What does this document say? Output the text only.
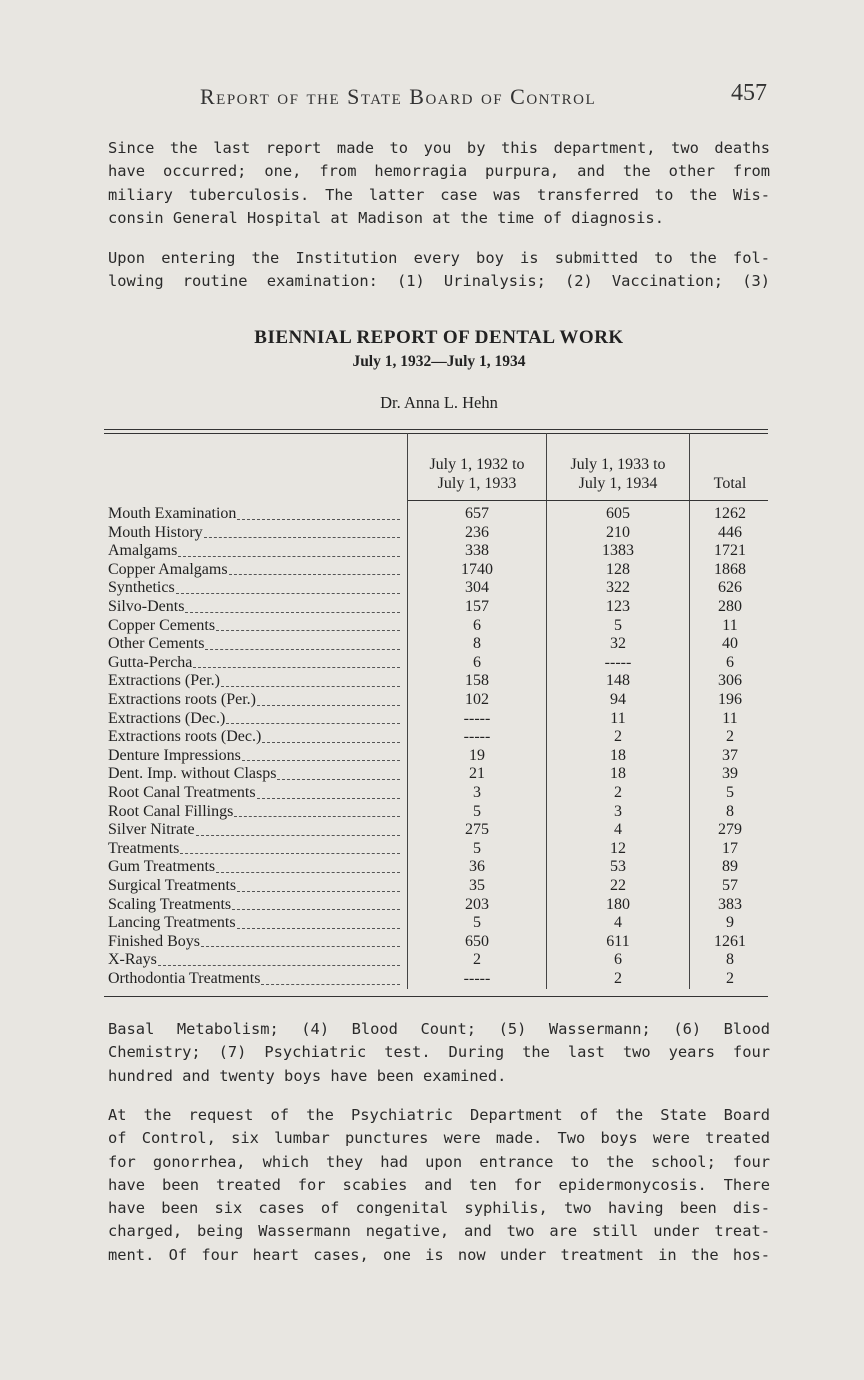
Report of the State Board of Control	457
Since the last report made to you by this department, two deaths
have occurred; one, from hemorragia purpura, and the other from
miliary tuberculosis. The latter case was transferred to the Wis-
consin General Hospital at Madison at the time of diagnosis.
Upon entering the Institution every boy is submitted to the fol-
lowing routine examination: (1) Urinalysis; (2) Vaccination; (3)
BIENNIAL REPORT OF DENTAL WORK
July 1, 1932—July 1, 1934
Dr. Anna L. Hehn
July 1, 1932 to
July 1, 1933
July 1, 1933 to
July 1, 1934
	Total
Mouth Examination	657	605	1262
Mouth History	236	210	446
Amalgams	338	1383	1721
Copper Amalgams	1740	128	1868
Synthetics	304	322	626
Silvo-Dents	157	123	280
Copper Cements	6	5	11
Other Cements	8	32	40
Gutta-Percha	6	-----	6
Extractions (Per.)	158	148	306
Extractions roots (Per.)	102	94	196
Extractions (Dec.)	-----	11	11
Extractions roots (Dec.)	-----	2	2
Denture Impressions	19	18	37
Dent. Imp. without Clasps	21	18	39
Root Canal Treatments	3	2	5
Root Canal Fillings	5	3	8
Silver Nitrate	275	4	279
Treatments	5	12	17
Gum Treatments	36	53	89
Surgical Treatments	35	22	57
Scaling Treatments	203	180	383
Lancing Treatments	5	4	9
Finished Boys	650	611	1261
X-Rays	2	6	8
Orthodontia Treatments	-----	2	2
Basal Metabolism; (4) Blood Count; (5) Wassermann; (6) Blood
Chemistry; (7) Psychiatric test. During the last two years four
hundred and twenty boys have been examined.
At the request of the Psychiatric Department of the State Board
of Control, six lumbar punctures were made. Two boys were treated
for gonorrhea, which they had upon entrance to the school; four
have been treated for scabies and ten for epidermonycosis. There
have been six cases of congenital syphilis, two having been dis-
charged, being Wassermann negative, and two are still under treat-
ment. Of four heart cases, one is now under treatment in the hos-
